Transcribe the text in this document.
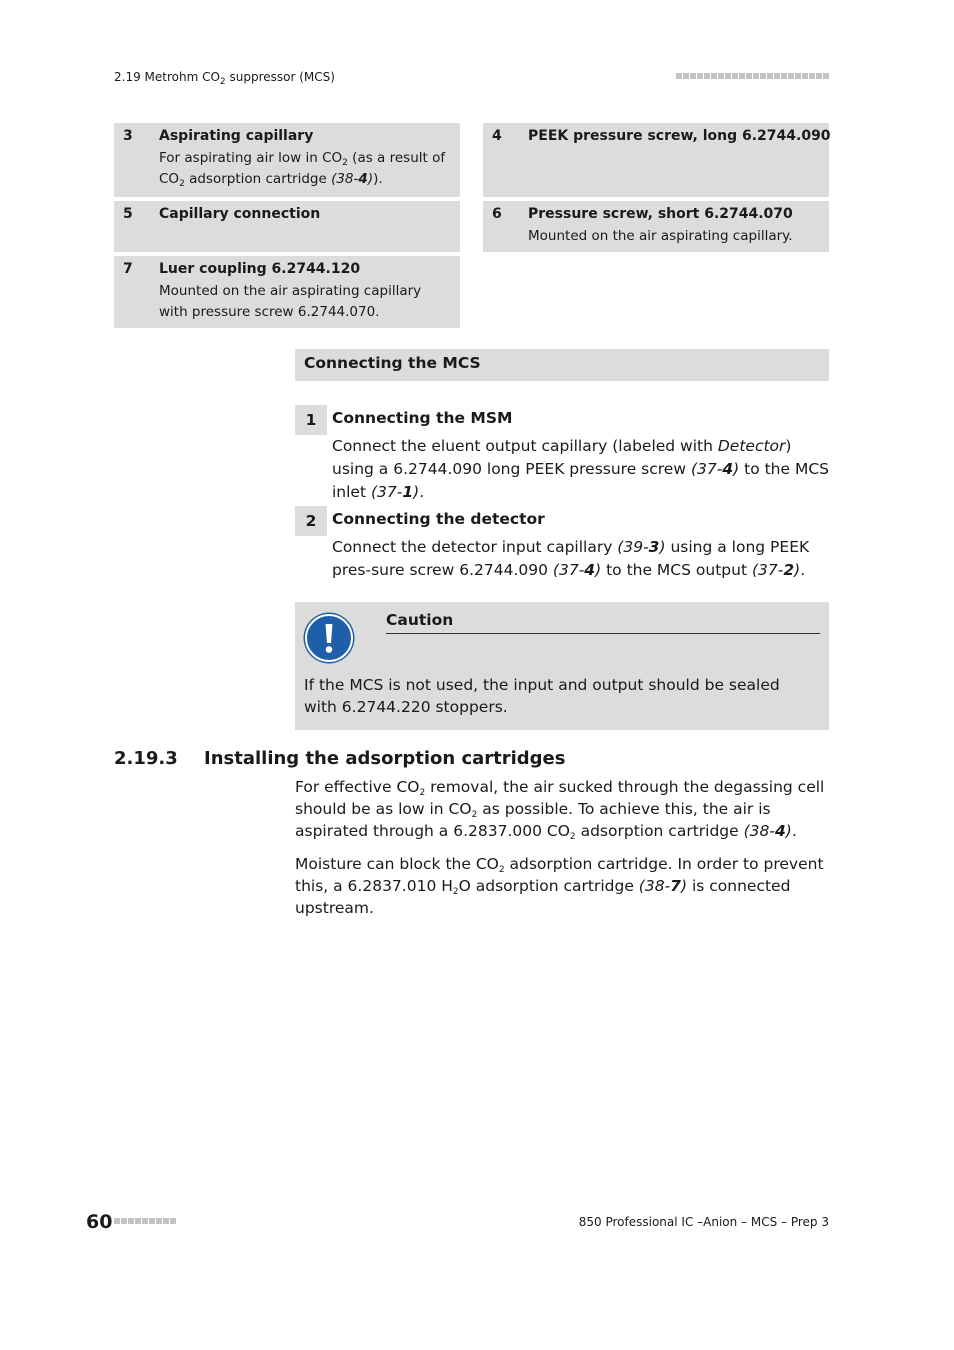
2.19 Metrohm $CO_2$ suppressor (MCS)
3 Aspirating capillary
For aspirating air low in $CO_2$ (as a result of $CO_2$ adsorption cartridge (38-4)).
4 PEEK pressure screw, long 6.2744.090
5 Capillary connection	6 Pressure screw, short 6.2744.070
Mounted on the air aspirating capillary.
7 Luer coupling 6.2744.120
Mounted on the air aspirating capillary with pressure screw 6.2744.070.
Connecting the MCS
1	Connecting the MSM
Connect the eluent output capillary (labeled with Detector) using a 6.2744.090 long PEEK pressure screw (37-4) to the MCS inlet (37-1).
2	Connecting the detector
Connect the detector input capillary (39-3) using a long PEEK pres-sure screw 6.2744.090 (37-4) to the MCS output (37-2).
Caution
If the MCS is not used, the input and output should be sealed with 6.2744.220 stoppers.
2.19.3 Installing the adsorption cartridges
For effective $CO_2$ removal, the air sucked through the degassing cell should be as low in $CO_2$ as possible. To achieve this, the air is aspirated through a 6.2837.000 $CO_2$ adsorption cartridge (38-4).
Moisture can block the $CO_2$ adsorption cartridge. In order to prevent this, a 6.2837.010 $H_2O$ adsorption cartridge (38-7) is connected upstream.
60	850 Professional IC –Anion – MCS – Prep 3
